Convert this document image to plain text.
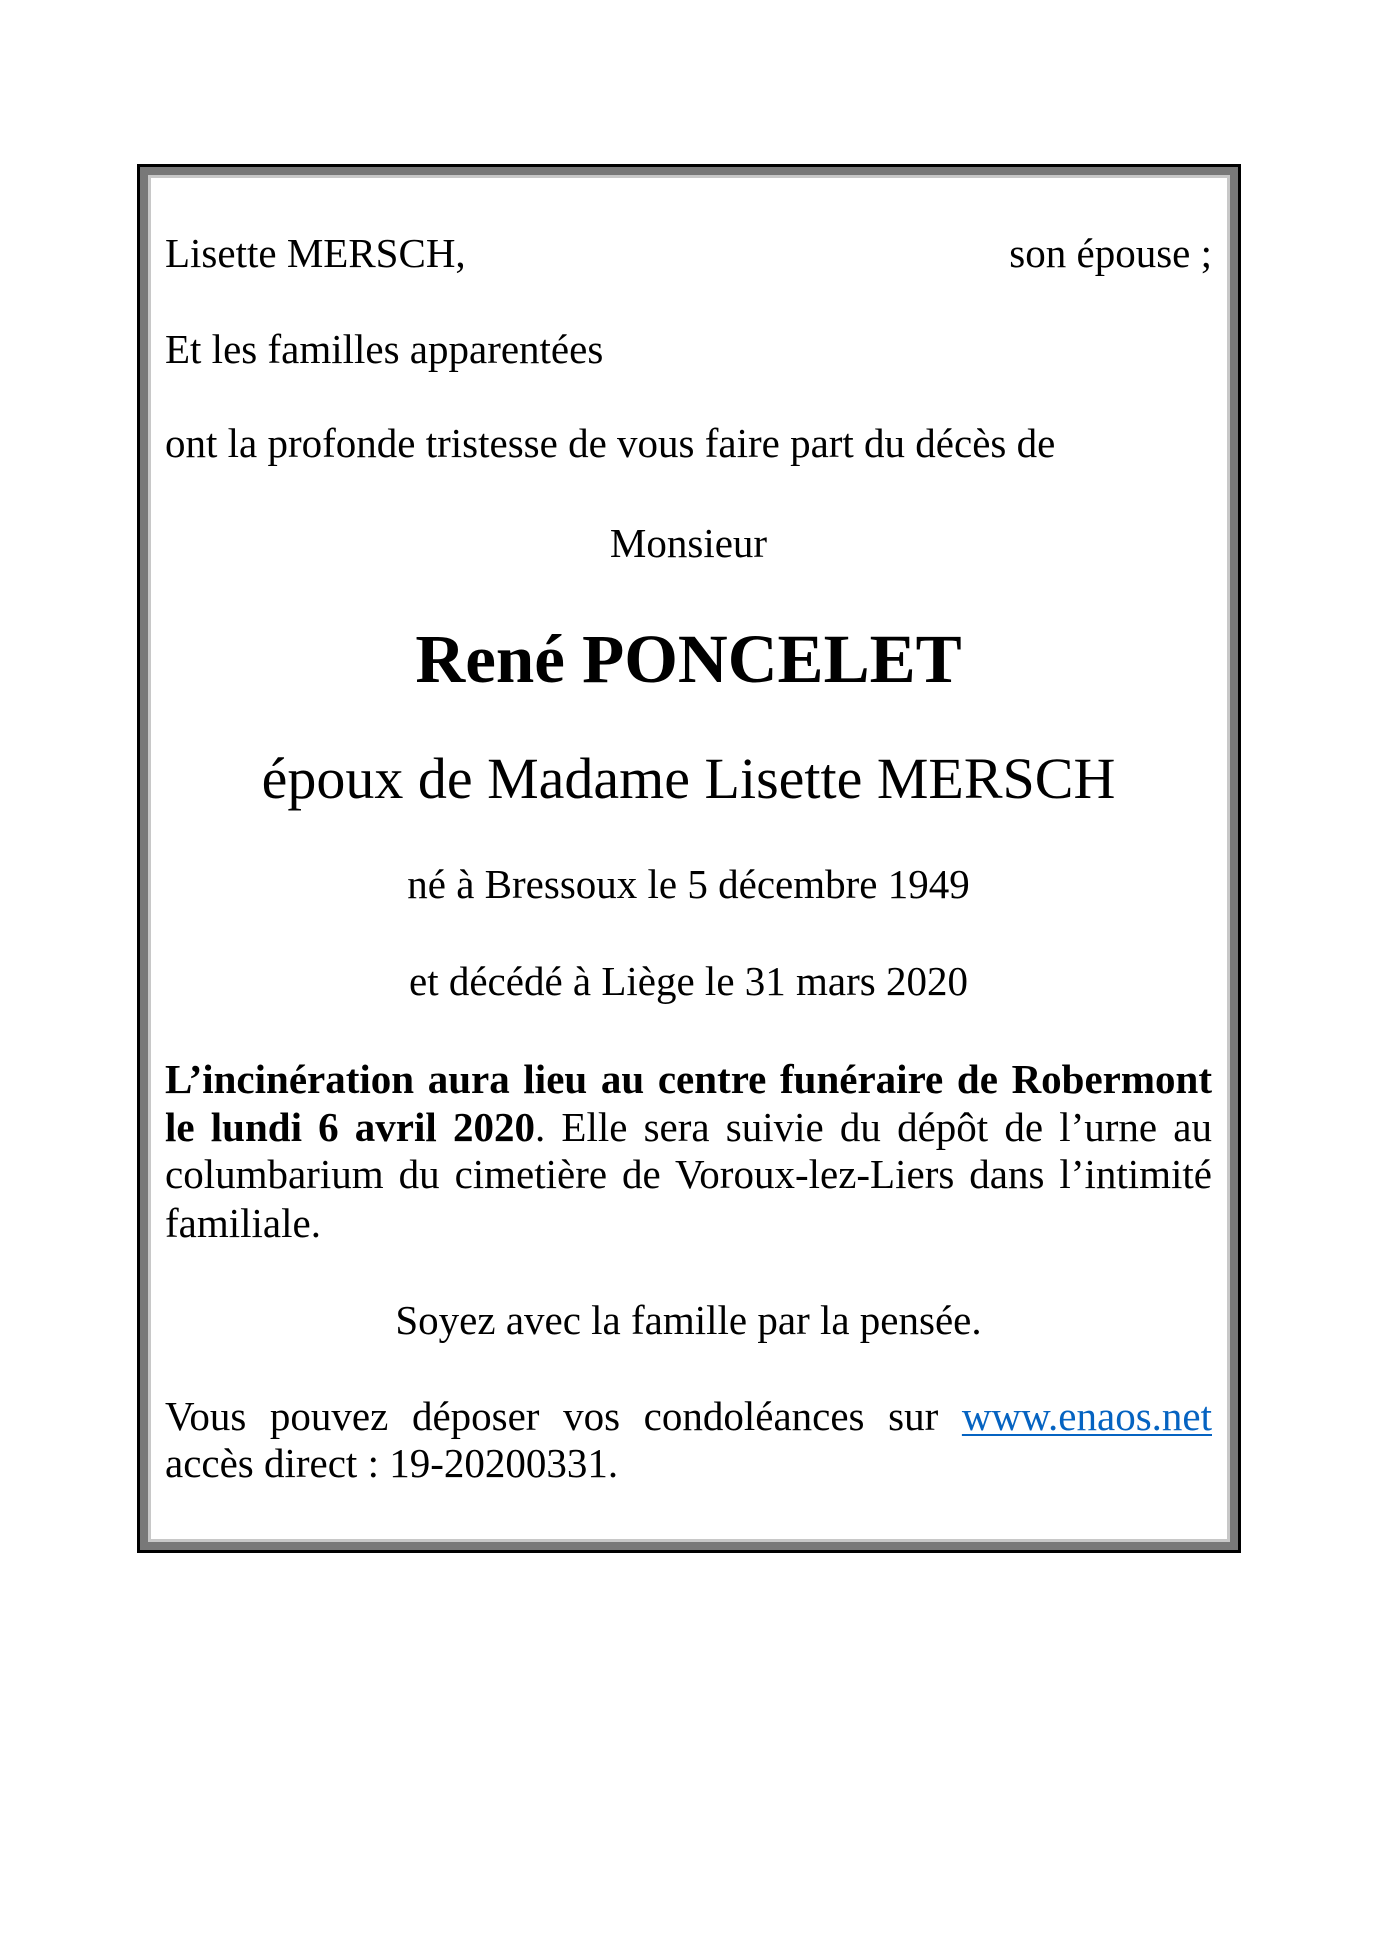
Lisette MERSCH,	son épouse ;
Et les familles apparentées
ont la profonde tristesse de vous faire part du décès de
Monsieur
René PONCELET
époux de Madame Lisette MERSCH
né à Bressoux le 5 décembre 1949
et décédé à Liège le 31 mars 2020
L’incinération aura lieu au centre funéraire de Robermont
le lundi 6 avril 2020. Elle sera suivie du dépôt de l’urne au
columbarium du cimetière de Voroux-lez-Liers dans l’intimité
familiale.
Soyez avec la famille par la pensée.
Vous pouvez déposer vos condoléances sur www.enaos.net
accès direct : 19-20200331.
